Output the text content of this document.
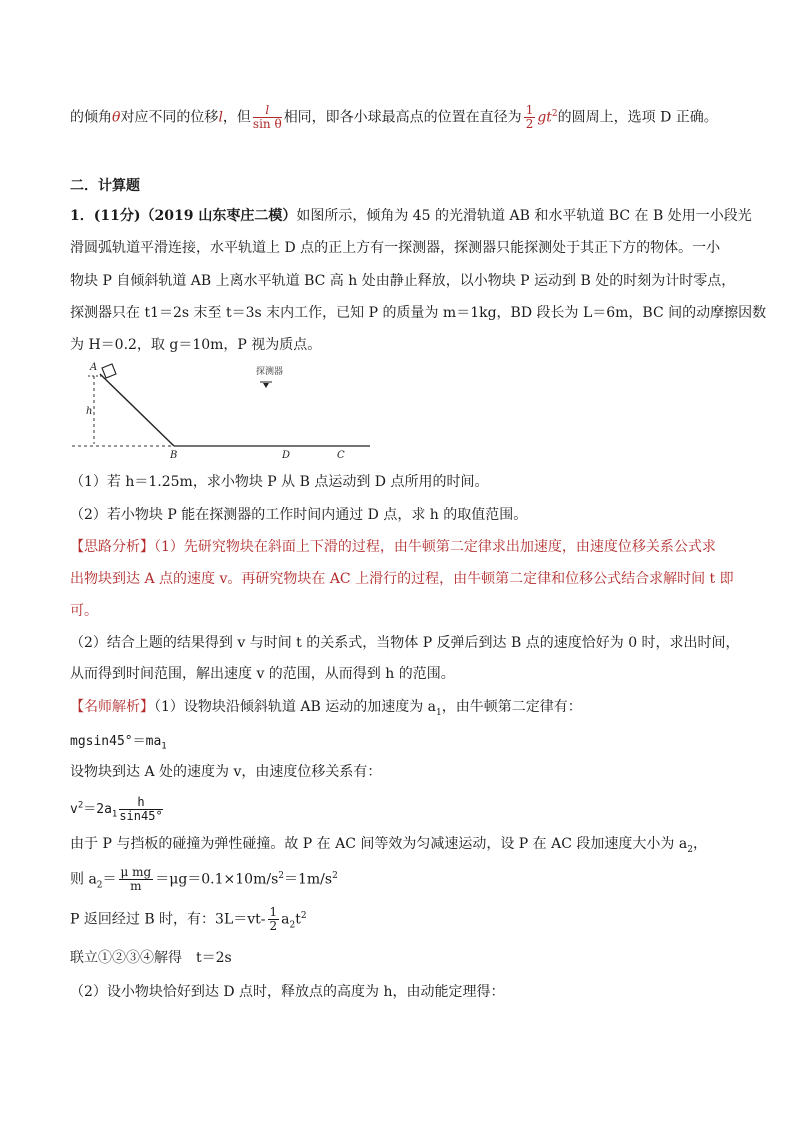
的倾角θ对应不同的位移l，但 $\frac{l}{\text{sin θ}}$ 相同，即各小球最高点的位置在直径为 $\frac{1}{2} gt^2$的圆周上，选项 D 正确。
二．计算题
1．(11分)（2019 山东枣庄二模）如图所示，倾角为 45 的光滑轨道 AB 和水平轨道 BC 在 B 处用一小段光
滑圆弧轨道平滑连接，水平轨道上 D 点的正上方有一探测器，探测器只能探测处于其正下方的物体。一小
物块 P 自倾斜轨道 AB 上离水平轨道 BC 高 h 处由静止释放，以小物块 P 运动到 B 处的时刻为计时零点，
探测器只在 t1＝2s 末至 t＝3s 末内工作，已知 P 的质量为 m＝1kg，BD 段长为 L＝6m，BC 间的动摩擦因数
为 H＝0.2，取 g＝10m，P 视为质点。
探测器
A
h
B	D	C
（1）若 h＝1.25m，求小物块 P 从 B 点运动到 D 点所用的时间。
（2）若小物块 P 能在探测器的工作时间内通过 D 点，求 h 的取值范围。
【思路分析】（1）先研究物块在斜面上下滑的过程，由牛顿第二定律求出加速度，由速度位移关系公式求
出物块到达 A 点的速度 v。再研究物块在 AC 上滑行的过程，由牛顿第二定律和位移公式结合求解时间 t 即
可。
（2）结合上题的结果得到 v 与时间 t 的关系式，当物体 P 反弹后到达 B 点的速度恰好为 0 时，求出时间，
从而得到时间范围，解出速度 v 的范围，从而得到 h 的范围。
【名师解析】（1）设物块沿倾斜轨道 AB 运动的加速度为 $a_1$，由牛顿第二定律有：
$mgsin45^\circ=ma_1$
设物块到达 A 处的速度为 v，由速度位移关系有：
$v^2=2a_1 \frac{h}{\sin 45^\circ}$
由于 P 与挡板的碰撞为弹性碰撞。故 P 在 AC 间等效为匀减速运动，设 P 在 AC 段加速度大小为 $a_2$，
则 $a_2= \frac{\text{μ mg}}{m} =\mu g=0.1\times 10m/s^2=1m/s^2$
P 返回经过 B 时，有：$3L=vt- \frac{1}{2} a_2t^2$
联立①②③④解得　t＝2s
（2）设小物块恰好到达 D 点时，释放点的高度为 h，由动能定理得：
